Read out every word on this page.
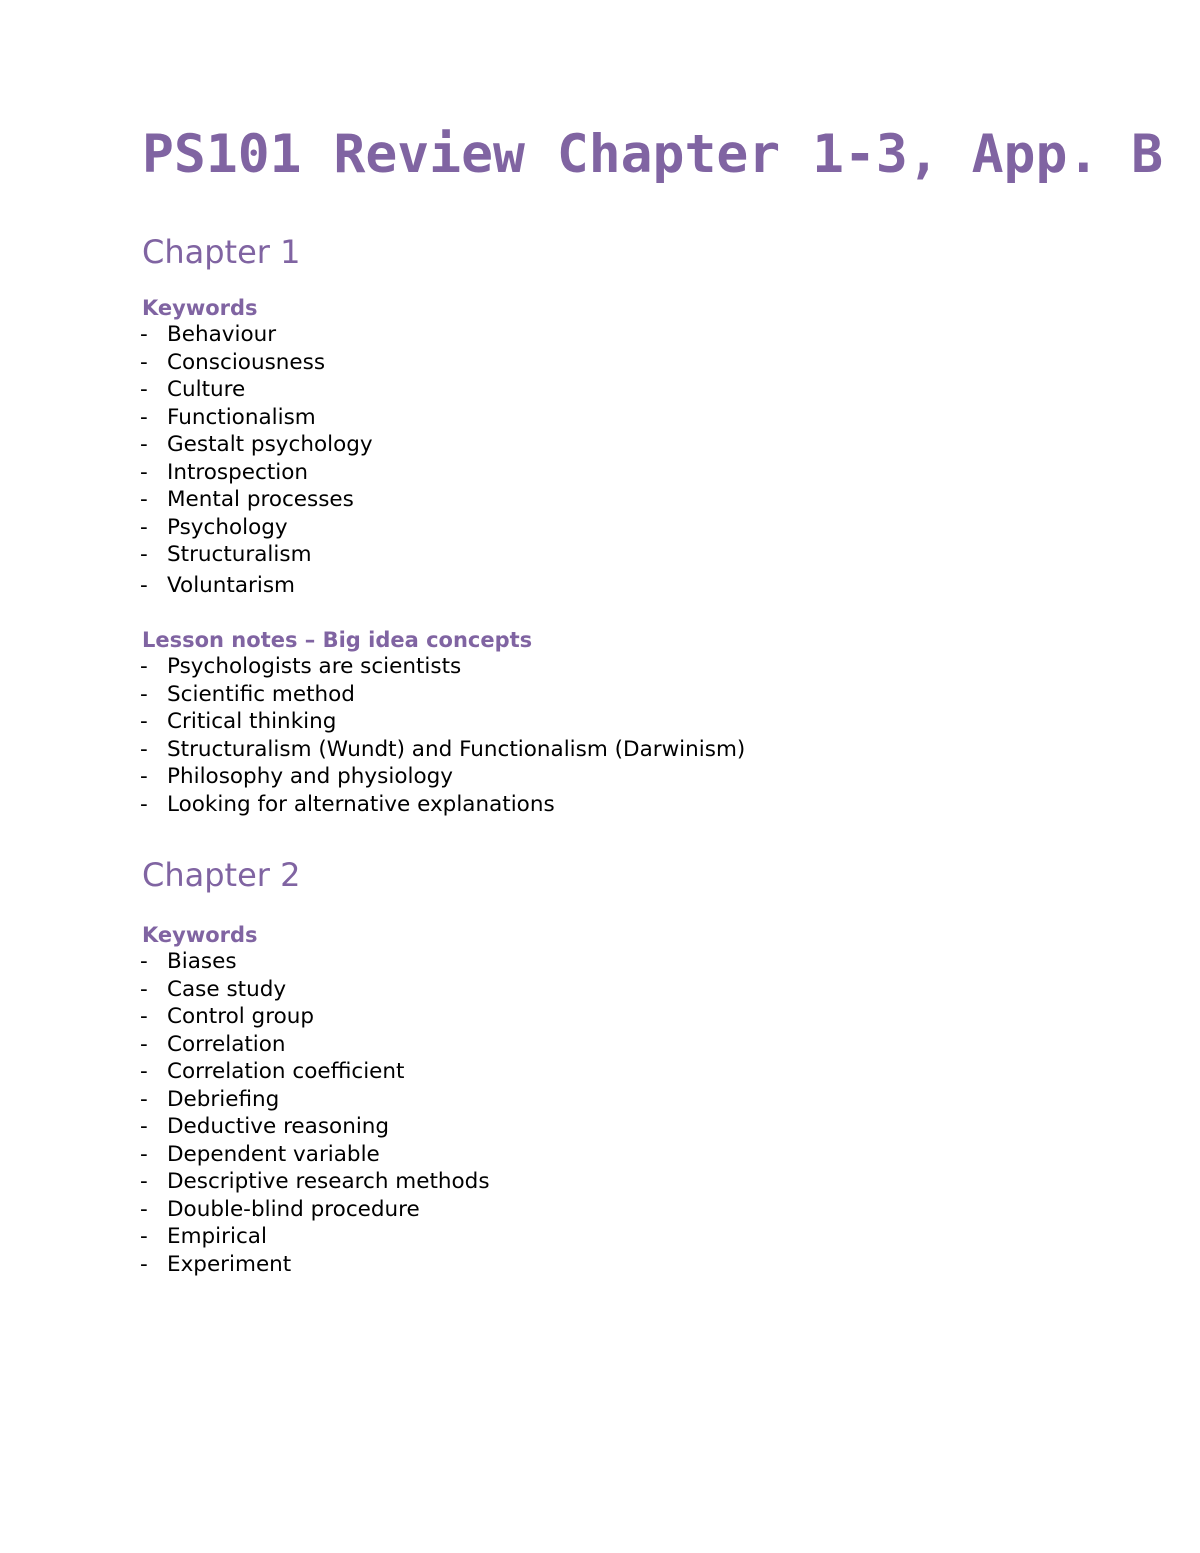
PS101 Review Chapter 1-3, App. B
Chapter 1
Keywords
- Behaviour
- Consciousness
- Culture
- Functionalism
- Gestalt psychology
- Introspection
- Mental processes
- Psychology
- Structuralism
- Voluntarism
Lesson notes – Big idea concepts
- Psychologists are scientists
- Scientific method
- Critical thinking
- Structuralism (Wundt) and Functionalism (Darwinism)
- Philosophy and physiology
- Looking for alternative explanations
Chapter 2
Keywords
- Biases
- Case study
- Control group
- Correlation
- Correlation coefficient
- Debriefing
- Deductive reasoning
- Dependent variable
- Descriptive research methods
- Double-blind procedure
- Empirical
- Experiment
